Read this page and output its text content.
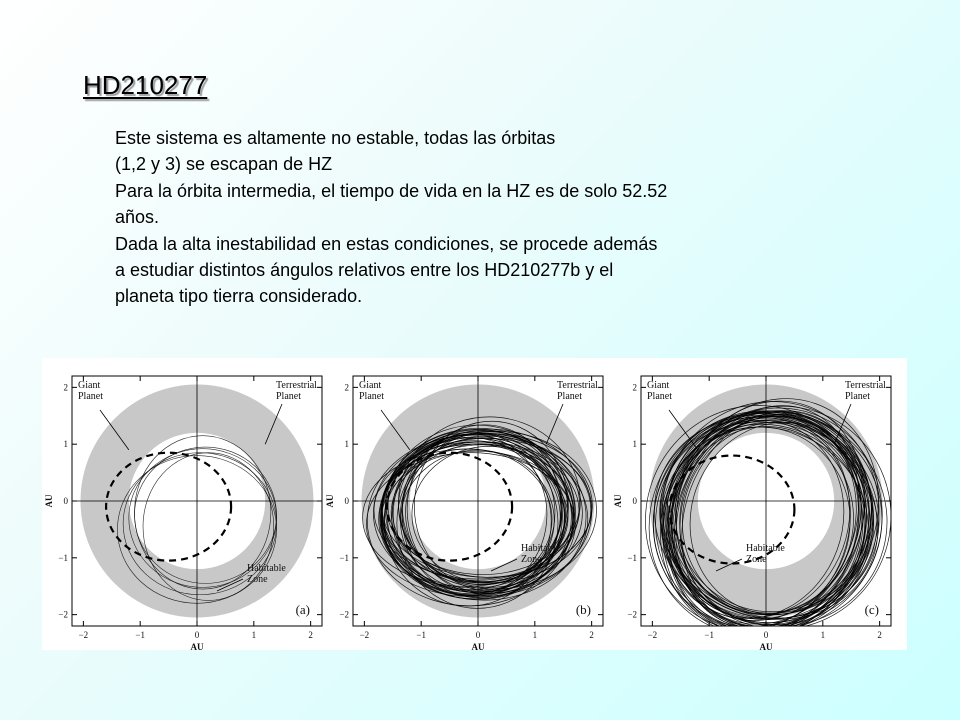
HD210277

Este sistema es altamente no estable, todas las órbitas

(1,2 y 3) se escapan de HZ

Para la órbita intermedia, el tiempo de vida en la HZ es de solo 52.52

años.

Dada la alta inestabilidad en estas condiciones, se procede además

a estudiar distintos ángulos relativos entre los HD210277b y el

planeta tipo tierra considerado.

−2
−2
−1
−1
0
0
1
1
2
2
AU
AU
Giant Planet
Terrestrial Planet
Habitable Zone
(a)
−2
−2
−1
−1
0
0
1
1
2
2
AU
AU
Giant Planet
Terrestrial Planet
Habitable Zone
(b)
−2
−2
−1
−1
0
0
1
1
2
2
AU
AU
Giant Planet
Terrestrial Planet
Habitable Zone
(c)
